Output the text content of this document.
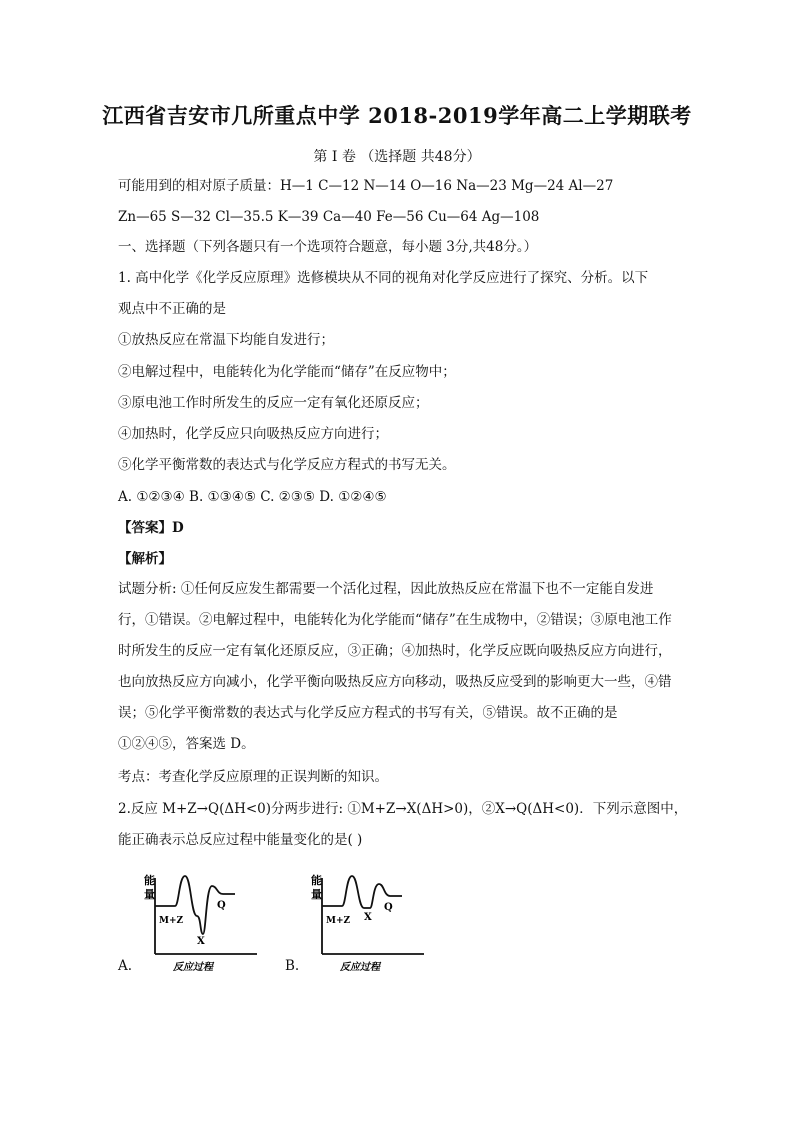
江西省吉安市几所重点中学 2018-2019学年高二上学期联考
第 I 卷 （选择题 共48分）
可能用到的相对原子质量：H—1 C—12 N—14 O—16 Na—23 Mg—24 Al—27
Zn—65 S—32 Cl—35.5 K—39 Ca—40 Fe—56 Cu—64 Ag—108
一、选择题（下列各题只有一个选项符合题意，每小题 3分,共48分。）
1. 高中化学《化学反应原理》选修模块从不同的视角对化学反应进行了探究、分析。以下
观点中不正确的是
①放热反应在常温下均能自发进行；
②电解过程中，电能转化为化学能而“储存”在反应物中；
③原电池工作时所发生的反应一定有氧化还原反应；
④加热时，化学反应只向吸热反应方向进行；
⑤化学平衡常数的表达式与化学反应方程式的书写无关。
A. ①②③④ B. ①③④⑤ C. ②③⑤ D. ①②④⑤
【答案】D
【解析】
试题分析: ①任何反应发生都需要一个活化过程，因此放热反应在常温下也不一定能自发进行，①错误。②电解过程中，电能转化为化学能而“储存”在生成物中，②错误；③原电池工作时所发生的反应一定有氧化还原反应，③正确；④加热时，化学反应既向吸热反应方向进行，也向放热反应方向减小，化学平衡向吸热反应方向移动，吸热反应受到的影响更大一些，④错误；⑤化学平衡常数的表达式与化学反应方程式的书写有关，⑤错误。故不正确的是①②④⑤，答案选 D。
考点：考查化学反应原理的正误判断的知识。
2.反应 M+Z→Q(ΔH<0)分两步进行: ①M+Z→X(ΔH>0)，②X→Q(ΔH<0)．下列示意图中，
能正确表示总反应过程中能量变化的是( )
A.
能
量
M+Z
X
Q
反应过程	B.
能
量
M+Z X
Q
反应过程
